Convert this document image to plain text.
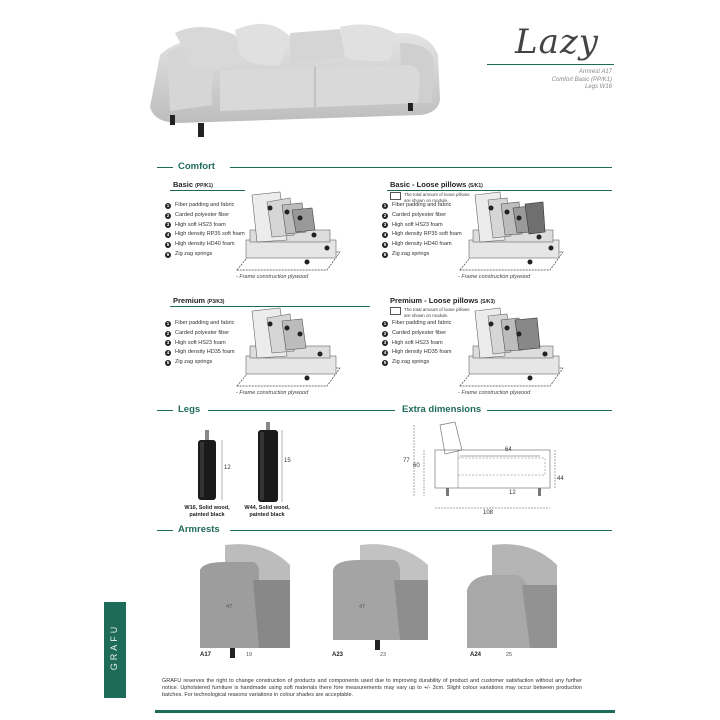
Lazy
Armrest A17
Comfort Basic (PP/K1)
Legs W16
Comfort
Basic (PP/K1)
1	Fiber padding and fabric
2	Carded polyester fiber
3	High soft HS23 foam
4	High density RP35 soft foam
5	High density HD40 foam
6	Zig zag springs
- Frame construction plywood
Basic - Loose pillows (S/K1)
The total amount of loose pillows are shown on module.
1	Fiber padding and fabric
2	Carded polyester fiber
3	High soft HS23 foam
4	High density RP35 soft foam
5	High density HD40 foam
6	Zig zag springs
- Frame construction plywood
Premium (P3/K3)
1	Fiber padding and fabric
2	Carded polyester fiber
3	High soft HS23 foam
4	High density HD35 foam
5	Zig zag springs
- Frame construction plywood
Premium - Loose pillows (S/K3)
The total amount of loose pillows are shown on module.
1	Fiber padding and fabric
2	Carded polyester fiber
3	High soft HS23 foam
4	High density HD35 foam
5	Zig zag springs
- Frame construction plywood
Legs	Extra dimensions
12
15
W16, Solid wood,
painted black
W44, Solid wood,
painted black
64
77
60
44
12
108
Armrests
47
19
47
23	25
A17	A23	A24
GRAFU reserves the right to change construction of products and components used due to improving durability of product and customer satisfaction without any further notice. Upholstered furniture is handmade using soft materials there fore measurements may vary up to +/- 3cm. Slight colour variations may occur between production batches. For technological reasons variations in colour shades are acceptable.
GRAFU
